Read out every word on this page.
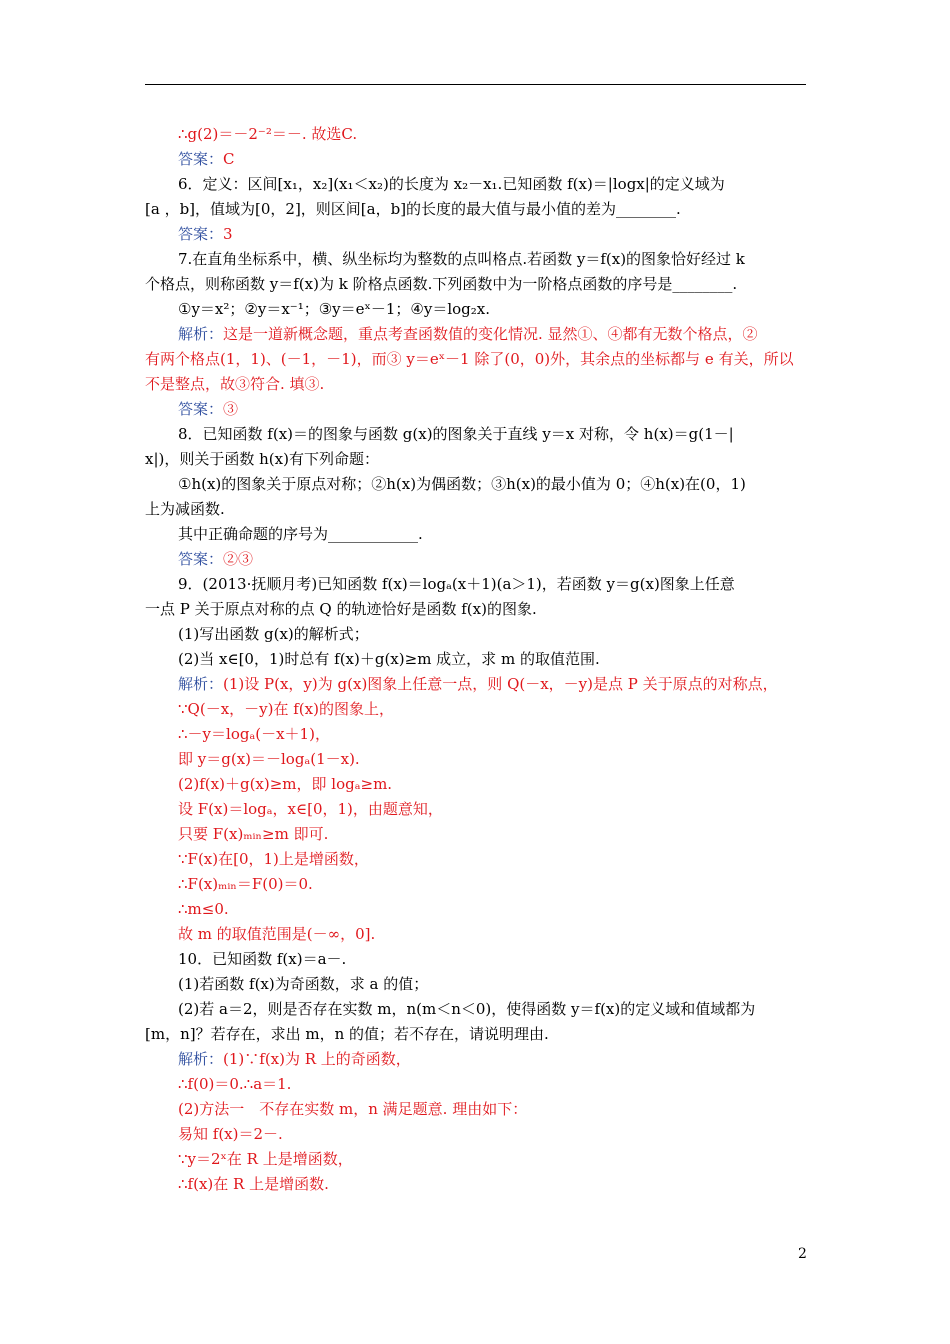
∴g(2)＝－2⁻²＝－. 故选C.
答案：C
6．定义：区间[x₁，x₂](x₁＜x₂)的长度为 x₂－x₁.已知函数 f(x)＝|logx|的定义域为
[a ，b]，值域为[0，2]，则区间[a，b]的长度的最大值与最小值的差为________.
答案：3
7.在直角坐标系中，横、纵坐标均为整数的点叫格点.若函数 y＝f(x)的图象恰好经过 k
个格点，则称函数 y＝f(x)为 k 阶格点函数.下列函数中为一阶格点函数的序号是________.
①y＝x²；②y＝x⁻¹；③y＝eˣ－1；④y＝log₂x.
解析：这是一道新概念题，重点考查函数值的变化情况. 显然①、④都有无数个格点，②
有两个格点(1，1)、(－1，－1)，而③ y＝eˣ－1 除了(0，0)外，其余点的坐标都与 e 有关，所以
不是整点，故③符合. 填③.
答案：③
8．已知函数 f(x)＝的图象与函数 g(x)的图象关于直线 y＝x 对称，令 h(x)＝g(1－|
x|)，则关于函数 h(x)有下列命题：
①h(x)的图象关于原点对称；②h(x)为偶函数；③h(x)的最小值为 0；④h(x)在(0，1)
上为减函数.
其中正确命题的序号为____________.
答案：②③
9．(2013·抚顺月考)已知函数 f(x)＝logₐ(x＋1)(a＞1)，若函数 y＝g(x)图象上任意
一点 P 关于原点对称的点 Q 的轨迹恰好是函数 f(x)的图象.
(1)写出函数 g(x)的解析式；
(2)当 x∈[0，1)时总有 f(x)＋g(x)≥m 成立，求 m 的取值范围.
解析：(1)设 P(x，y)为 g(x)图象上任意一点，则 Q(－x，－y)是点 P 关于原点的对称点，
∵Q(－x，－y)在 f(x)的图象上，
∴－y＝logₐ(－x＋1)，
即 y＝g(x)＝－logₐ(1－x).
(2)f(x)＋g(x)≥m，即 logₐ≥m.
设 F(x)＝logₐ，x∈[0，1)，由题意知，
只要 F(x)ₘᵢₙ≥m 即可.
∵F(x)在[0，1)上是增函数，
∴F(x)ₘᵢₙ＝F(0)＝0.
∴m≤0.
故 m 的取值范围是(－∞，0].
10．已知函数 f(x)＝a－.
(1)若函数 f(x)为奇函数，求 a 的值；
(2)若 a＝2，则是否存在实数 m，n(m＜n＜0)，使得函数 y＝f(x)的定义域和值域都为
[m，n]？若存在，求出 m，n 的值；若不存在，请说明理由.
解析：(1)∵f(x)为 R 上的奇函数，
∴f(0)＝0.∴a＝1.
(2)方法一　不存在实数 m，n 满足题意. 理由如下：
易知 f(x)＝2－.
∵y＝2ˣ在 R 上是增函数，
∴f(x)在 R 上是增函数.
2
